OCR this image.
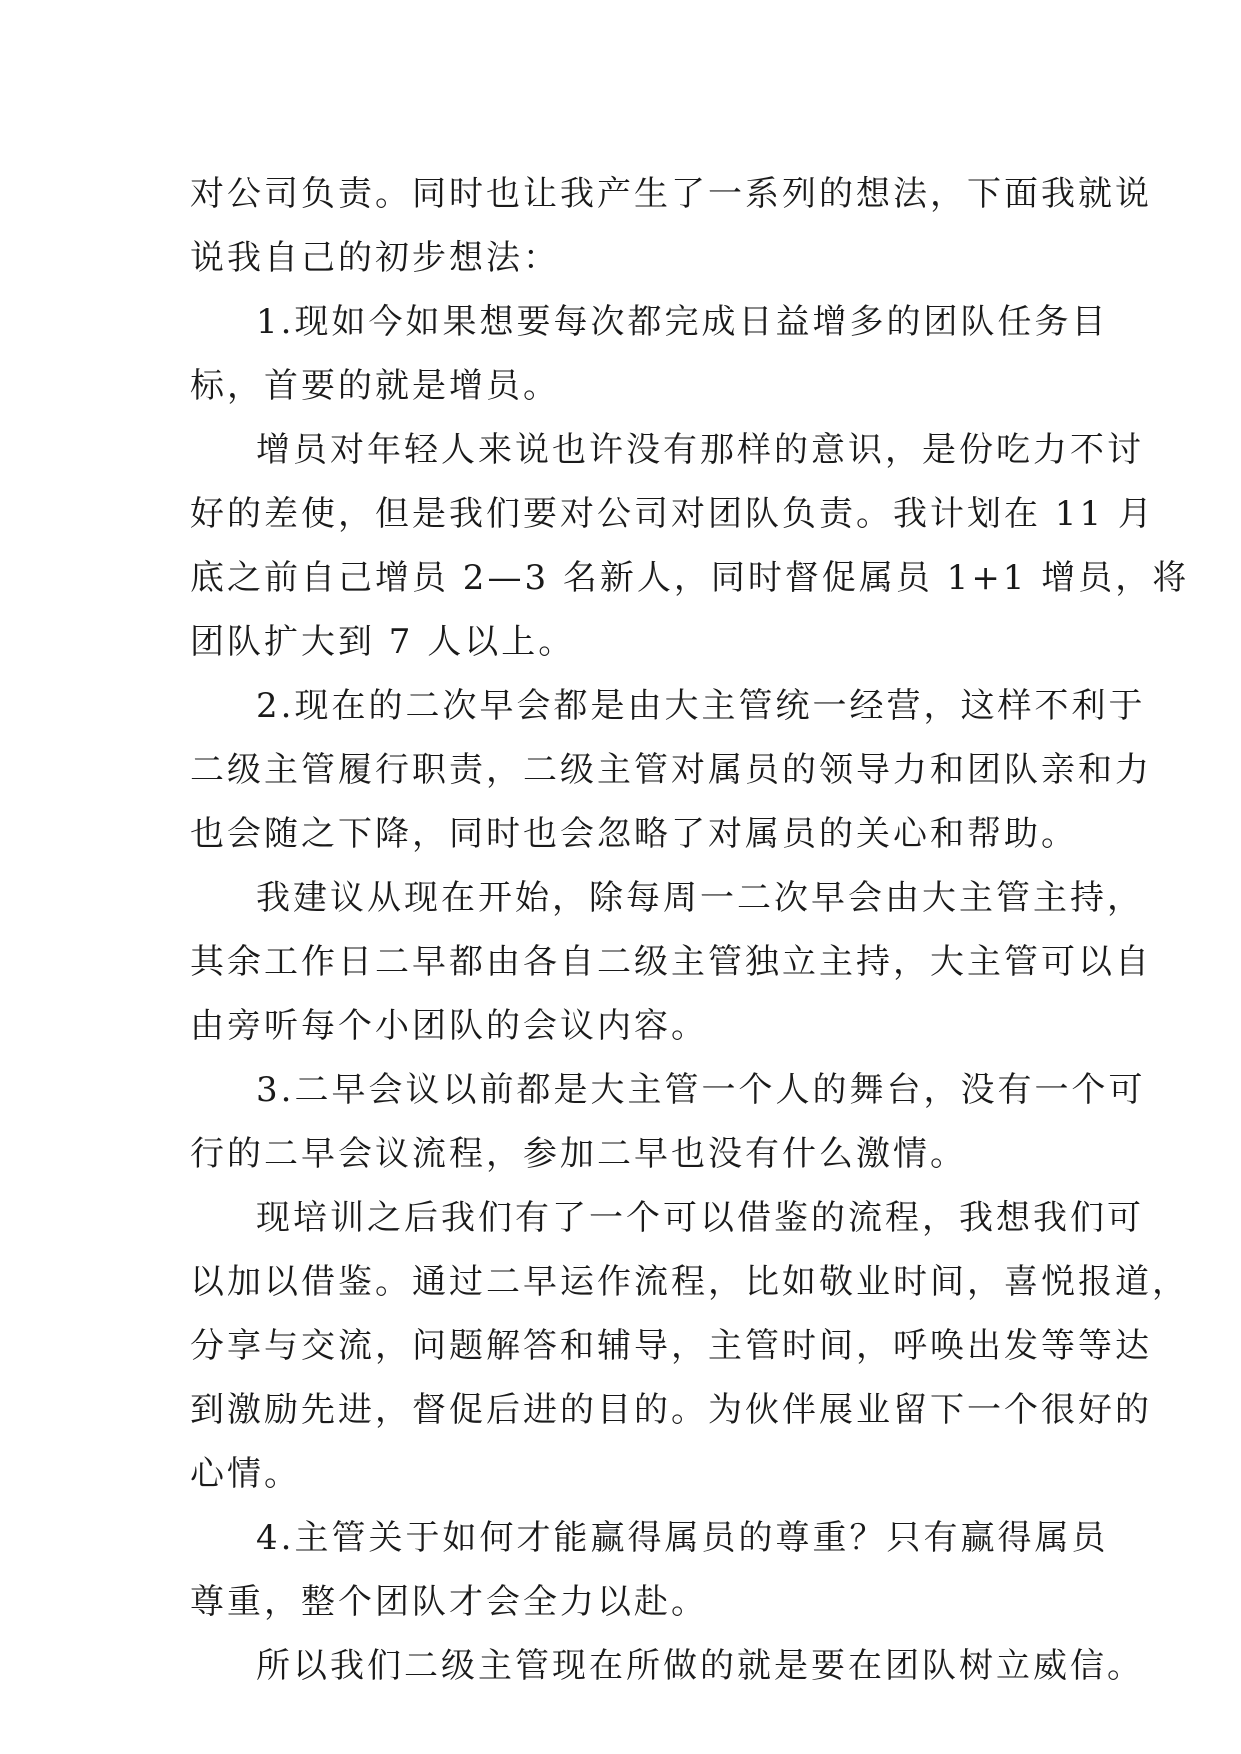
对公司负责。同时也让我产生了一系列的想法，下面我就说
说我自己的初步想法：
1.现如今如果想要每次都完成日益增多的团队任务目
标，首要的就是增员。
增员对年轻人来说也许没有那样的意识，是份吃力不讨
好的差使，但是我们要对公司对团队负责。我计划在 11 月
底之前自己增员 2—3 名新人，同时督促属员 1+1 增员，将
团队扩大到 7 人以上。
2.现在的二次早会都是由大主管统一经营，这样不利于
二级主管履行职责，二级主管对属员的领导力和团队亲和力
也会随之下降，同时也会忽略了对属员的关心和帮助。
我建议从现在开始，除每周一二次早会由大主管主持，
其余工作日二早都由各自二级主管独立主持，大主管可以自
由旁听每个小团队的会议内容。
3.二早会议以前都是大主管一个人的舞台，没有一个可
行的二早会议流程，参加二早也没有什么激情。
现培训之后我们有了一个可以借鉴的流程，我想我们可
以加以借鉴。通过二早运作流程，比如敬业时间，喜悦报道，
分享与交流，问题解答和辅导，主管时间，呼唤出发等等达
到激励先进，督促后进的目的。为伙伴展业留下一个很好的
心情。
4.主管关于如何才能赢得属员的尊重？只有赢得属员
尊重，整个团队才会全力以赴。
所以我们二级主管现在所做的就是要在团队树立威信。
